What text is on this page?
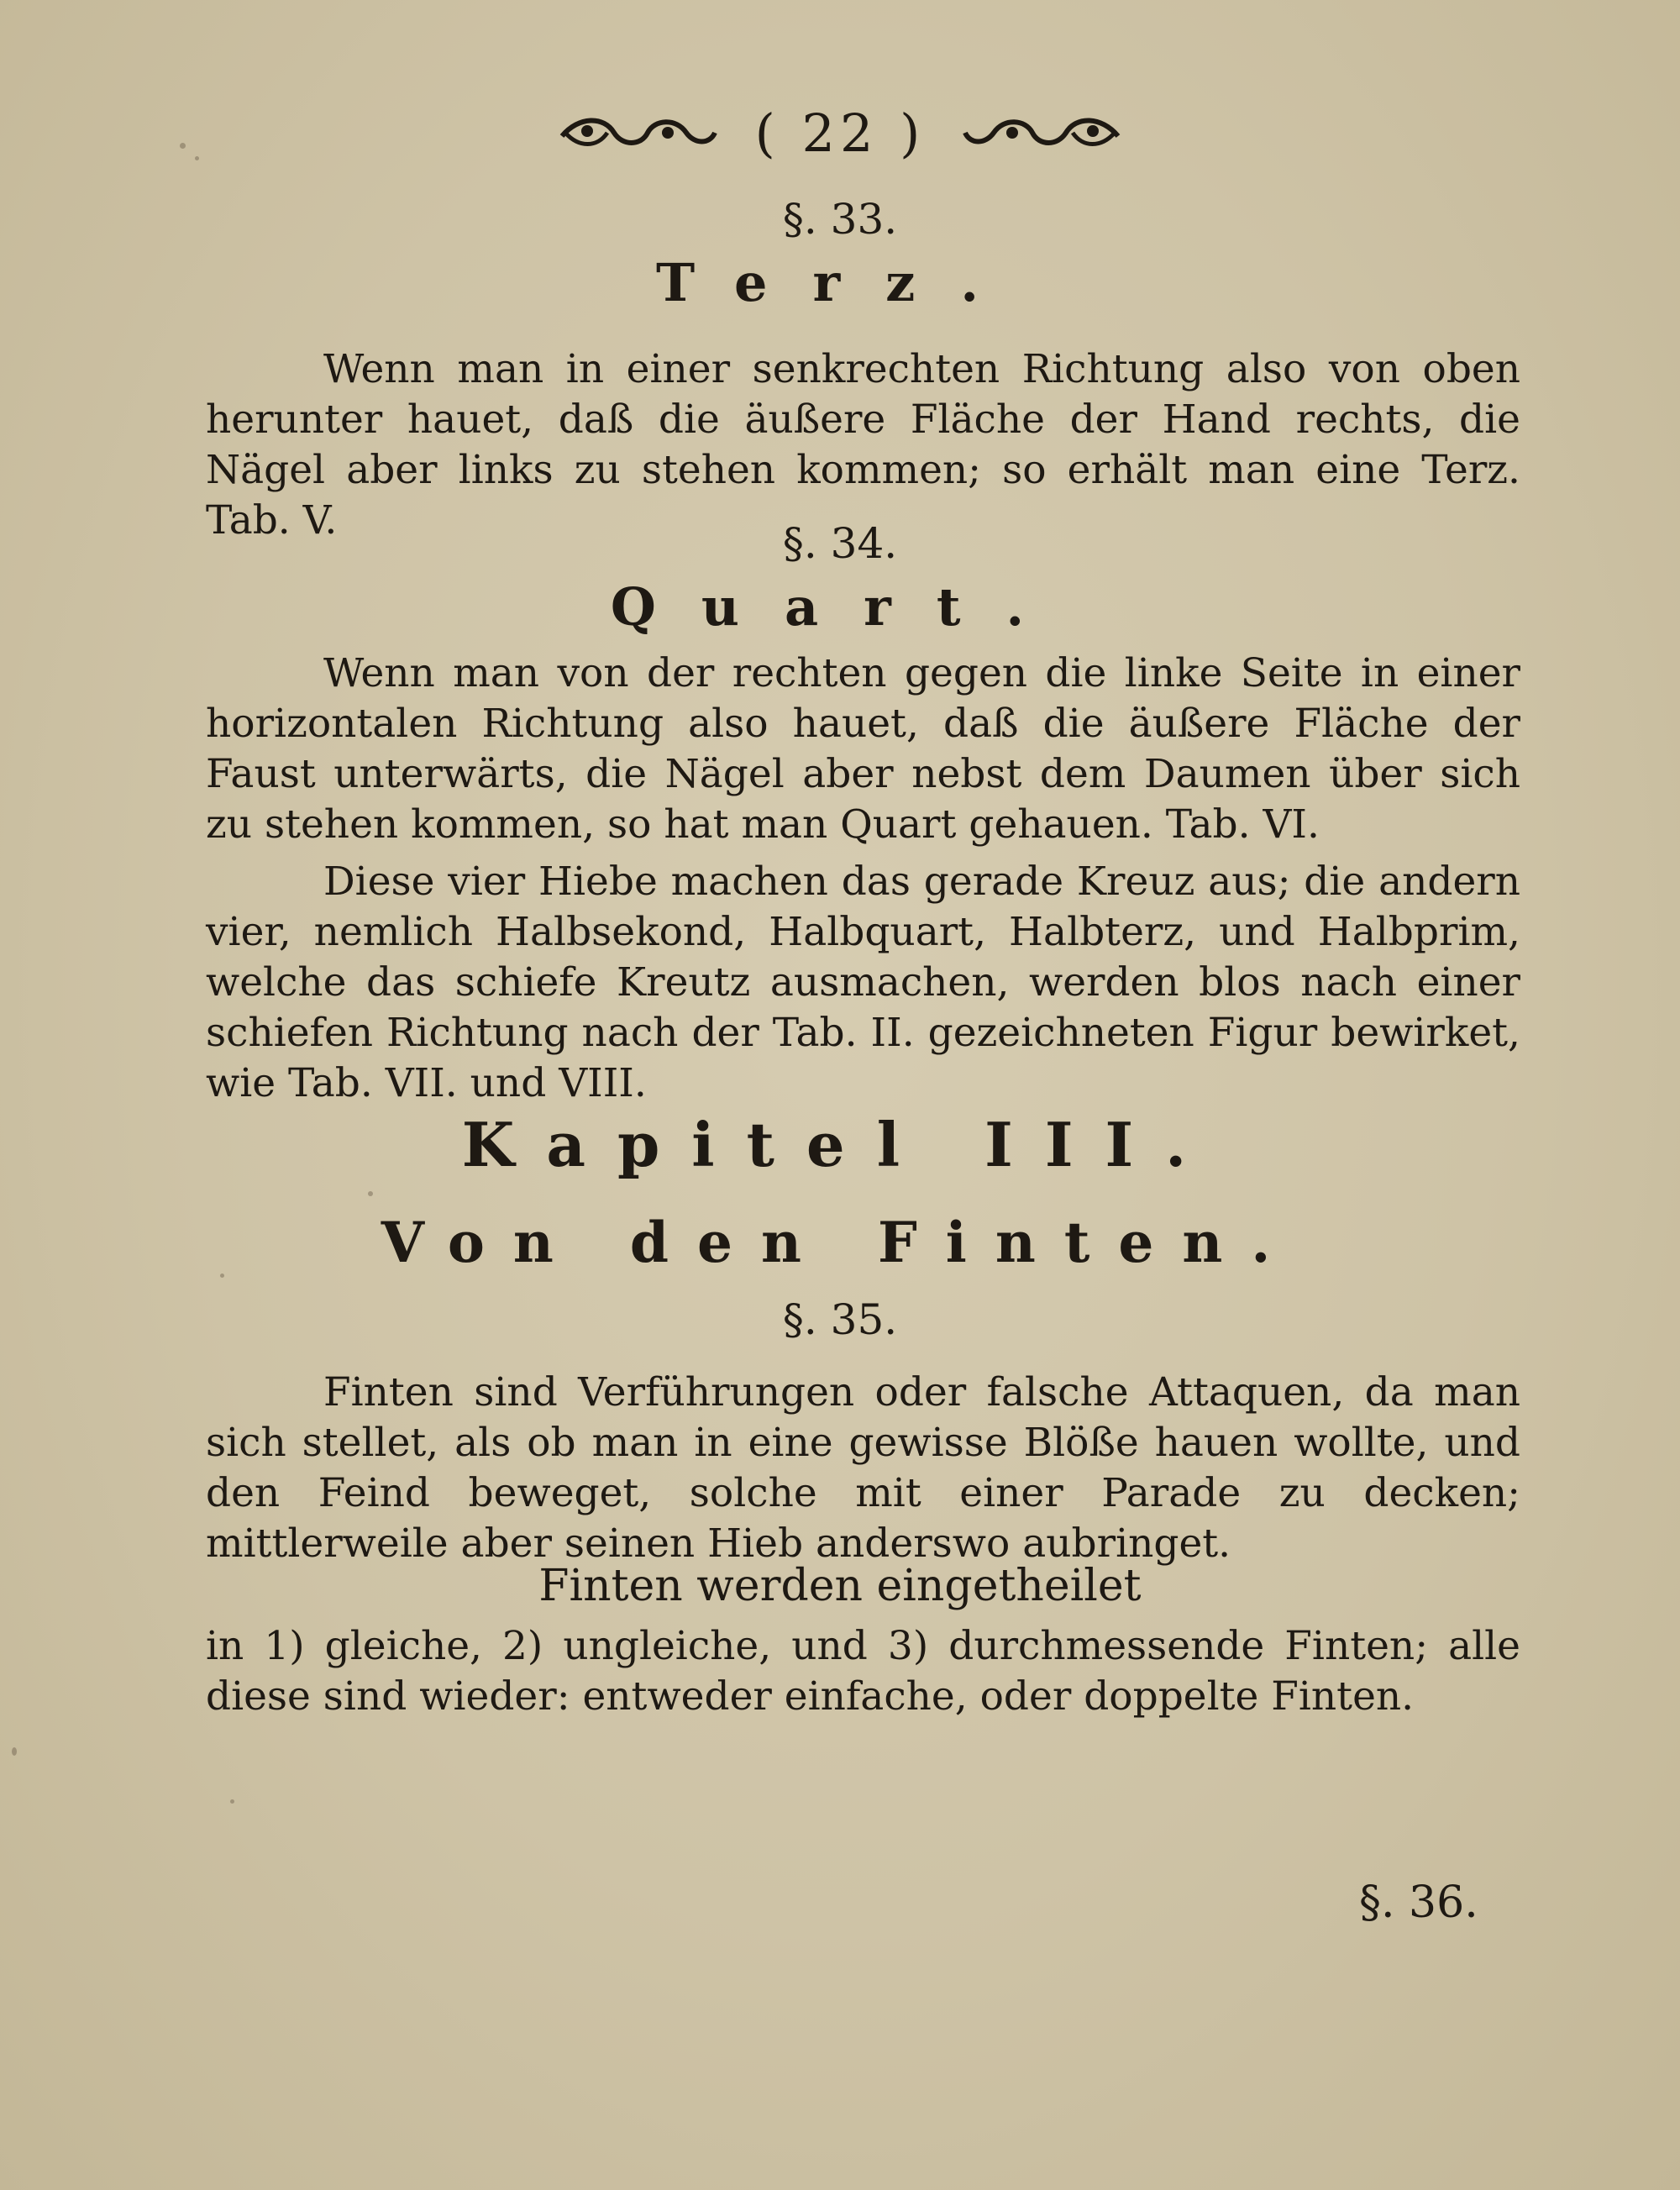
( 22 )
§. 33.
Terz.
Wenn man in einer senkrechten Richtung also von oben herunter hauet, daß die äußere Fläche der Hand rechts, die Nägel aber links zu stehen kommen; so erhält man eine Terz. Tab. V.	§. 34.
Quart.
Wenn man von der rechten gegen die linke Seite in einer horizontalen Richtung also hauet, daß die äußere Fläche der Faust unterwärts, die Nägel aber nebst dem Daumen über sich zu stehen kommen, so hat man Quart gehauen. Tab. VI.
Diese vier Hiebe machen das gerade Kreuz aus; die andern vier, nemlich Halbsekond, Halbquart, Halbterz, und Halbprim, welche das schiefe Kreutz ausmachen, werden blos nach einer schiefen Richtung nach der Tab. II. gezeichneten Figur bewirket, wie Tab. VII. und VIII.
Kapitel III.
Von den Finten.
§. 35.
Finten sind Verführungen oder falsche Attaquen, da man sich stellet, als ob man in eine gewisse Blöße hauen wollte, und den Feind beweget, solche mit einer Parade zu decken; mittlerweile aber seinen Hieb anderswo aubringet.
Finten werden eingetheilet
in 1) gleiche, 2) ungleiche, und 3) durchmessende Finten; alle diese sind wieder: entweder einfache, oder doppelte Finten.
§. 36.
